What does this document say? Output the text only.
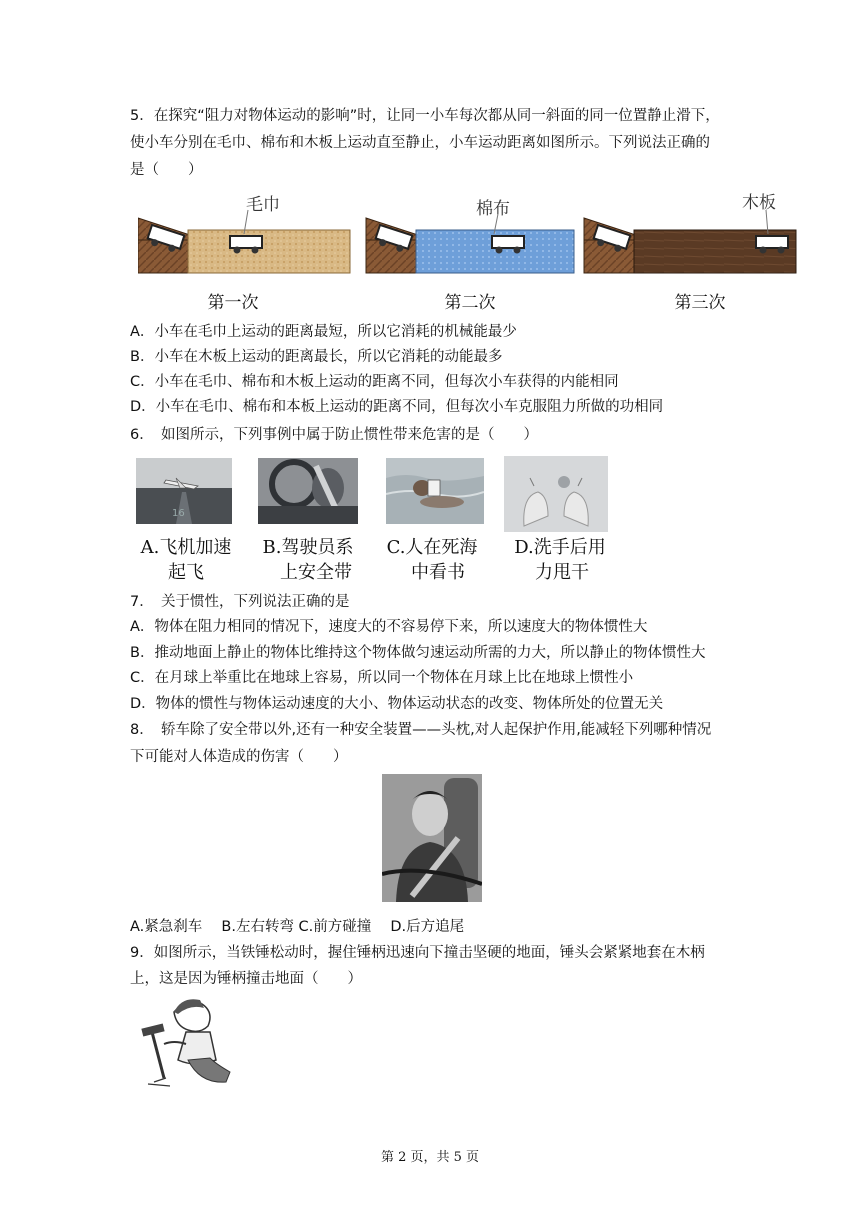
5．在探究“阻力对物体运动的影响”时，让同一小车每次都从同一斜面的同一位置静止滑下，
使小车分别在毛巾、棉布和木板上运动直至静止，小车运动距离如图所示。下列说法正确的
是（　　）
毛巾	棉布	木板
第一次	第二次	第三次
A．小车在毛巾上运动的距离最短，所以它消耗的机械能最少
B．小车在木板上运动的距离最长，所以它消耗的动能最多
C．小车在毛巾、棉布和木板上运动的距离不同，但每次小车获得的内能相同
D．小车在毛巾、棉布和本板上运动的距离不同，但每次小车克服阻力所做的功相同
6．　如图所示，下列事例中属于防止惯性带来危害的是（　　）
16
A.飞机加速
起飞
B.驾驶员系
上安全带
C.人在死海
中看书
D.洗手后用
力甩干
7．　关于惯性，下列说法正确的是
A．物体在阻力相同的情况下，速度大的不容易停下来，所以速度大的物体惯性大
B．推动地面上静止的物体比维持这个物体做匀速运动所需的力大，所以静止的物体惯性大
C．在月球上举重比在地球上容易，所以同一个物体在月球上比在地球上惯性小
D．物体的惯性与物体运动速度的大小、物体运动状态的改变、物体所处的位置无关
8．　轿车除了安全带以外,还有一种安全装置——头枕,对人起保护作用,能减轻下列哪种情况
下可能对人体造成的伤害（　　）
A.紧急刹车　 B.左右转弯 C.前方碰撞　 D.后方追尾
9．如图所示，当铁锤松动时，握住锤柄迅速向下撞击坚硬的地面，锤头会紧紧地套在木柄
上，这是因为锤柄撞击地面（　　）
第 2 页，共 5 页
